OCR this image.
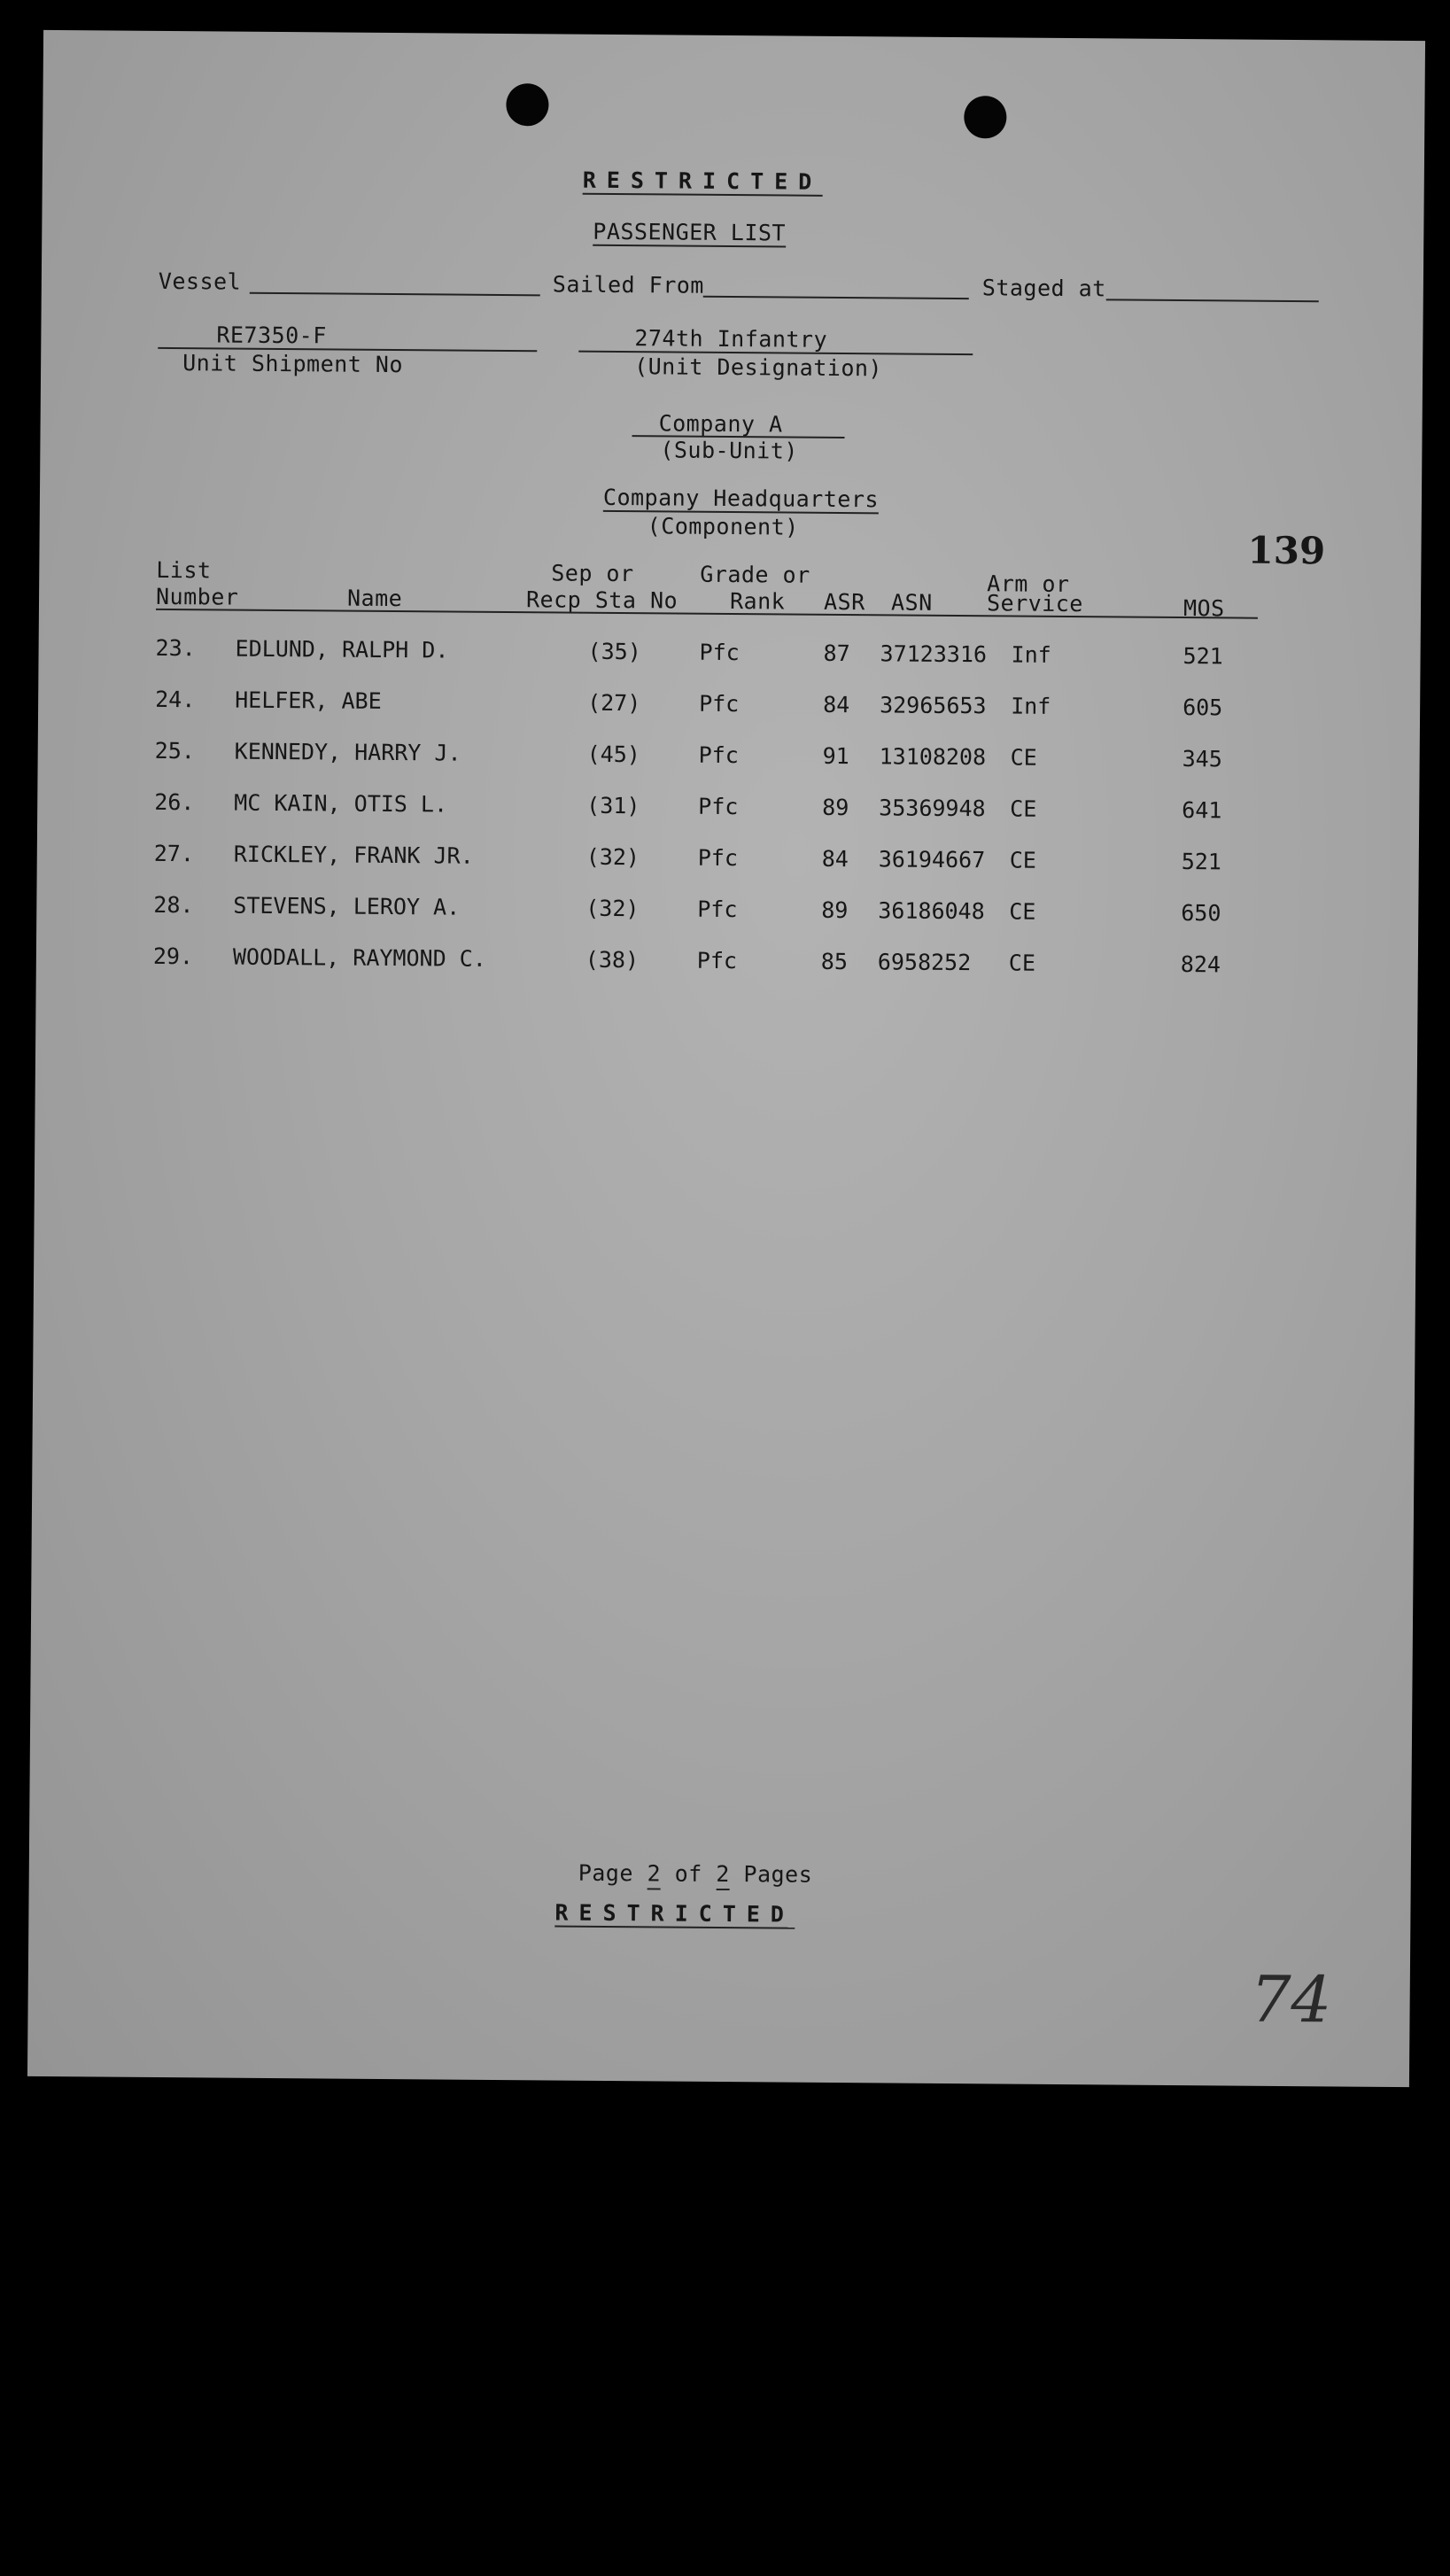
RESTRICTED
PASSENGER LIST
Vessel	Sailed From	Staged at
RE7350-F
Unit Shipment No
274th Infantry
(Unit Designation)
Company A
(Sub-Unit)
Company Headquarters
(Component)
139
List
Number	Name
Sep or
Recp Sta No
Grade or
Rank ASR ASN
Arm or
Service	MOS
23. EDLUND, RALPH D.	(35)	Pfc	87 37123316 Inf	521
24. HELFER, ABE	(27)	Pfc	84 32965653 Inf	605
25. KENNEDY, HARRY J.	(45)	Pfc	91 13108208 CE	345
26. MC KAIN, OTIS L.	(31)	Pfc	89 35369948 CE	641
27. RICKLEY, FRANK JR.	(32)	Pfc	84 36194667 CE	521
28. STEVENS, LEROY A.	(32)	Pfc	89 36186048 CE	650
29. WOODALL, RAYMOND C.	(38)	Pfc	85 6958252 CE	824
Page 2 of 2 Pages
RESTRICTED
74
